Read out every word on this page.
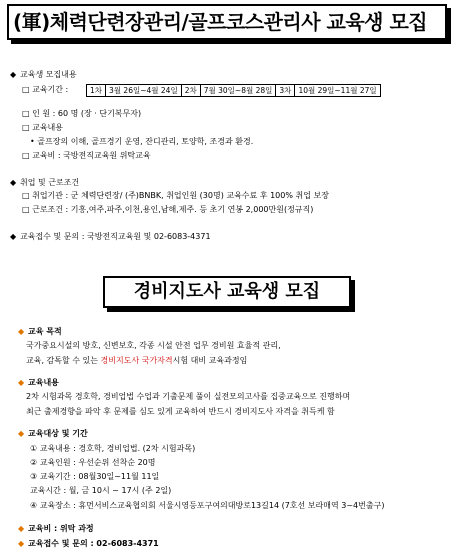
(軍)체력단련장관리/골프코스관리사 교육생 모집
◆ 교육생 모집내용
□ 교육기간 :	1차	3월 26일~4월 24일	2차	7월 30일~8월 28일	3차	10월 29일~11월 27일
□ 인 원 : 60 명 (장 · 단기복무자)
□ 교육내용
• 골프장의 이해, 골프경기 운영, 잔디관리, 토양학, 조경과 환경.
□ 교육비 : 국방전직교육원 위탁교육
◆ 취업 및 근로조건
□ 취업기관 : 군 체력단련장/ (주)BNBK, 취업인원 (30명) 교육수료 후 100% 취업 보장
□ 근로조건 : 기흥,여주,파주,이천,용인,남해,제주. 등 초기 연봉 2,000만원(정규직)
◆ 교육접수 및 문의 : 국방전직교육원 및 02-6083-4371
경비지도사 교육생 모집
◆ 교육 목적
국가중요시설의 방호, 신변보호, 각종 시설 안전 업무 경비원 효율적 관리,
교육, 감독할 수 있는 경비지도사 국가자격시험 대비 교육과정임
◆ 교육내용
2차 시험과목 경호학, 경비업법 수업과 기출문제 풀이 실전모의고사를 집중교육으로 진행하며
최근 출제경향을 파악 후 문제를 심도 있게 교육하여 반드시 경비지도사 자격을 취득케 함
◆ 교육대상 및 기간
① 교육내용 : 경호학, 경비업법. (2차 시험과목)
② 교육인원 : 우선순위 선착순 20명
③ 교육기간 : 08월30일~11월 11일
교육시간 : 월, 금 10시 ~ 17시 (주 2일)
④ 교육장소 : 휴먼서비스교육협의회 서울시영등포구여의대방로13길14 (7호선 보라매역 3~4번출구)
◆ 교육비 : 위탁 과정
◆ 교육접수 및 문의 : 02-6083-4371
